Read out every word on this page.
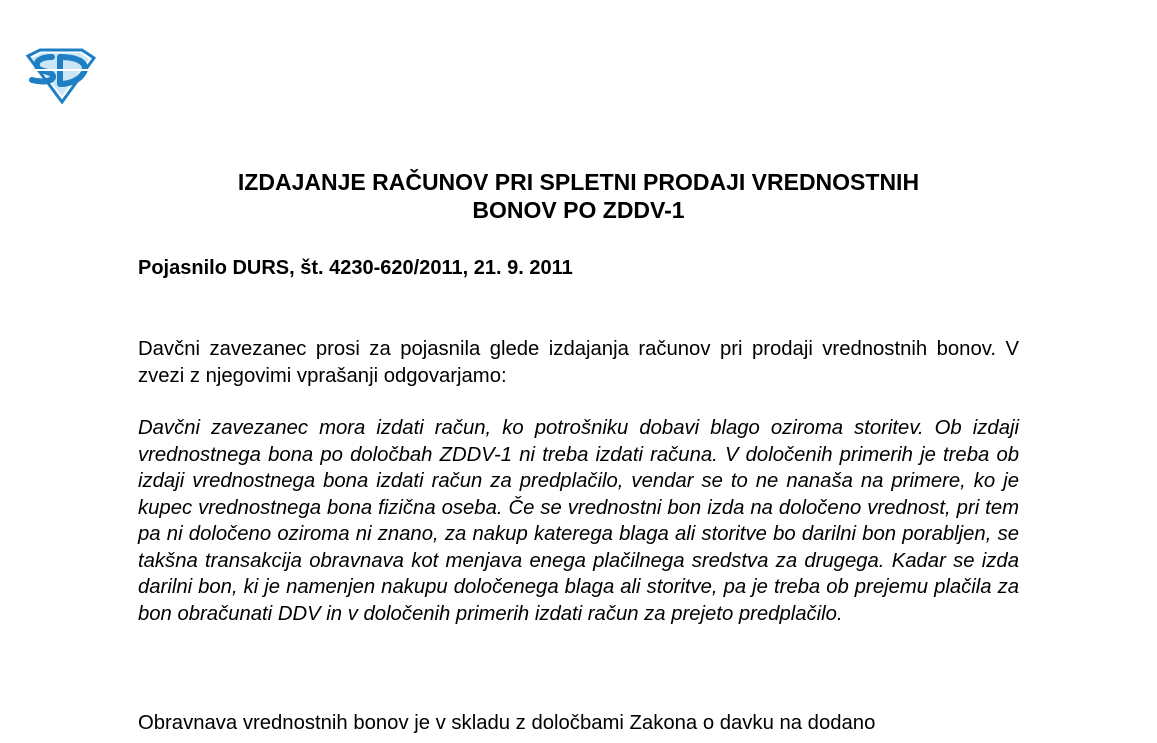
IZDAJANJE RAČUNOV PRI SPLETNI PRODAJI VREDNOSTNIH
BONOV PO ZDDV-1

Pojasnilo DURS, št. 4230-620/2011, 21. 9. 2011

Davčni zavezanec prosi za pojasnila glede izdajanja računov pri prodaji vrednostnih bonov. V zvezi z njegovimi vprašanji odgovarjamo:

Davčni zavezanec mora izdati račun, ko potrošniku dobavi blago oziroma storitev. Ob izdaji vrednostnega bona po določbah ZDDV-1 ni treba izdati računa. V določenih primerih je treba ob izdaji vrednostnega bona izdati račun za predplačilo, vendar se to ne nanaša na primere, ko je kupec vrednostnega bona fizična oseba. Če se vrednostni bon izda na določeno vrednost, pri tem pa ni določeno oziroma ni znano, za nakup katerega blaga ali storitve bo darilni bon porabljen, se takšna transakcija obravnava kot menjava enega plačilnega sredstva za drugega. Kadar se izda darilni bon, ki je namenjen nakupu določenega blaga ali storitve, pa je treba ob prejemu plačila za bon obračunati DDV in v določenih primerih izdati račun za prejeto predplačilo.

Obravnava vrednostnih bonov je v skladu z določbami Zakona o davku na dodano
